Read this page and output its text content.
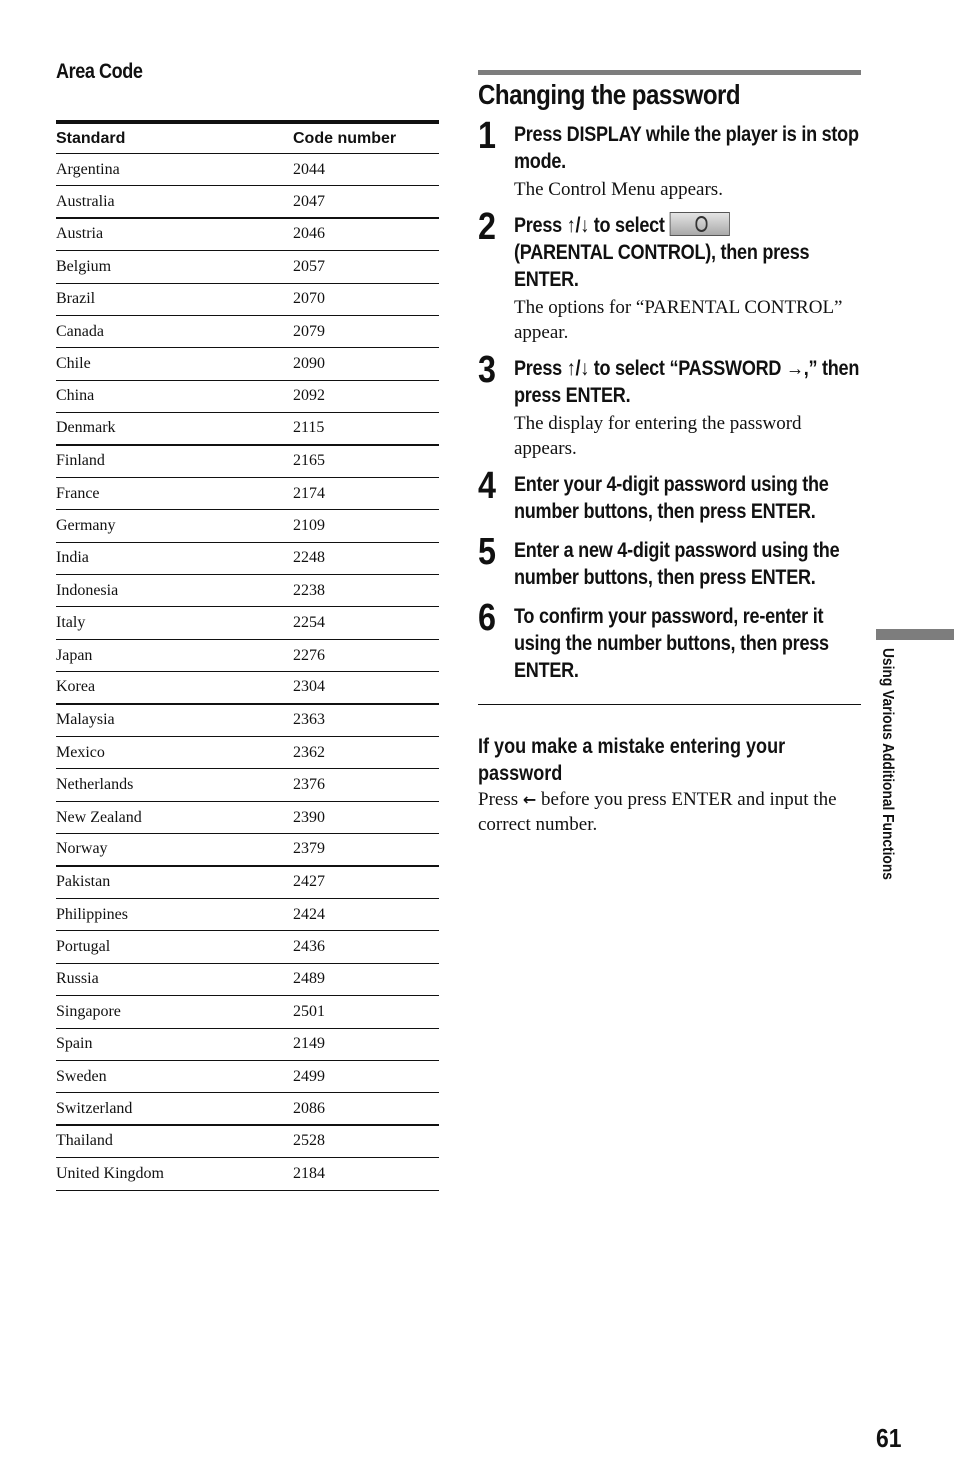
Area Code
Standard	Code number
Argentina	2044
Australia	2047
Austria	2046
Belgium	2057
Brazil	2070
Canada	2079
Chile	2090
China	2092
Denmark	2115
Finland	2165
France	2174
Germany	2109
India	2248
Indonesia	2238
Italy	2254
Japan	2276
Korea	2304
Malaysia	2363
Mexico	2362
Netherlands	2376
New Zealand	2390
Norway	2379
Pakistan	2427
Philippines	2424
Portugal	2436
Russia	2489
Singapore	2501
Spain	2149
Sweden	2499
Switzerland	2086
Thailand	2528
United Kingdom	2184
Changing the password
1 Press DISPLAY while the player is in stop mode.
The Control Menu appears.
2 Press ↑/↓ to select

(PARENTAL CONTROL), then press ENTER.
The options for “PARENTAL CONTROL” appear.
3 Press ↑/↓ to select “PASSWORD →,” then press ENTER.
The display for entering the password appears.
4 Enter your 4-digit password using the number buttons, then press ENTER.
5 Enter a new 4-digit password using the number buttons, then press ENTER.
6 To confirm your password, re-enter it using the number buttons, then press ENTER.
If you make a mistake entering your password
Press ← before you press ENTER and input the correct number.	Using Various Additional Functions
61
